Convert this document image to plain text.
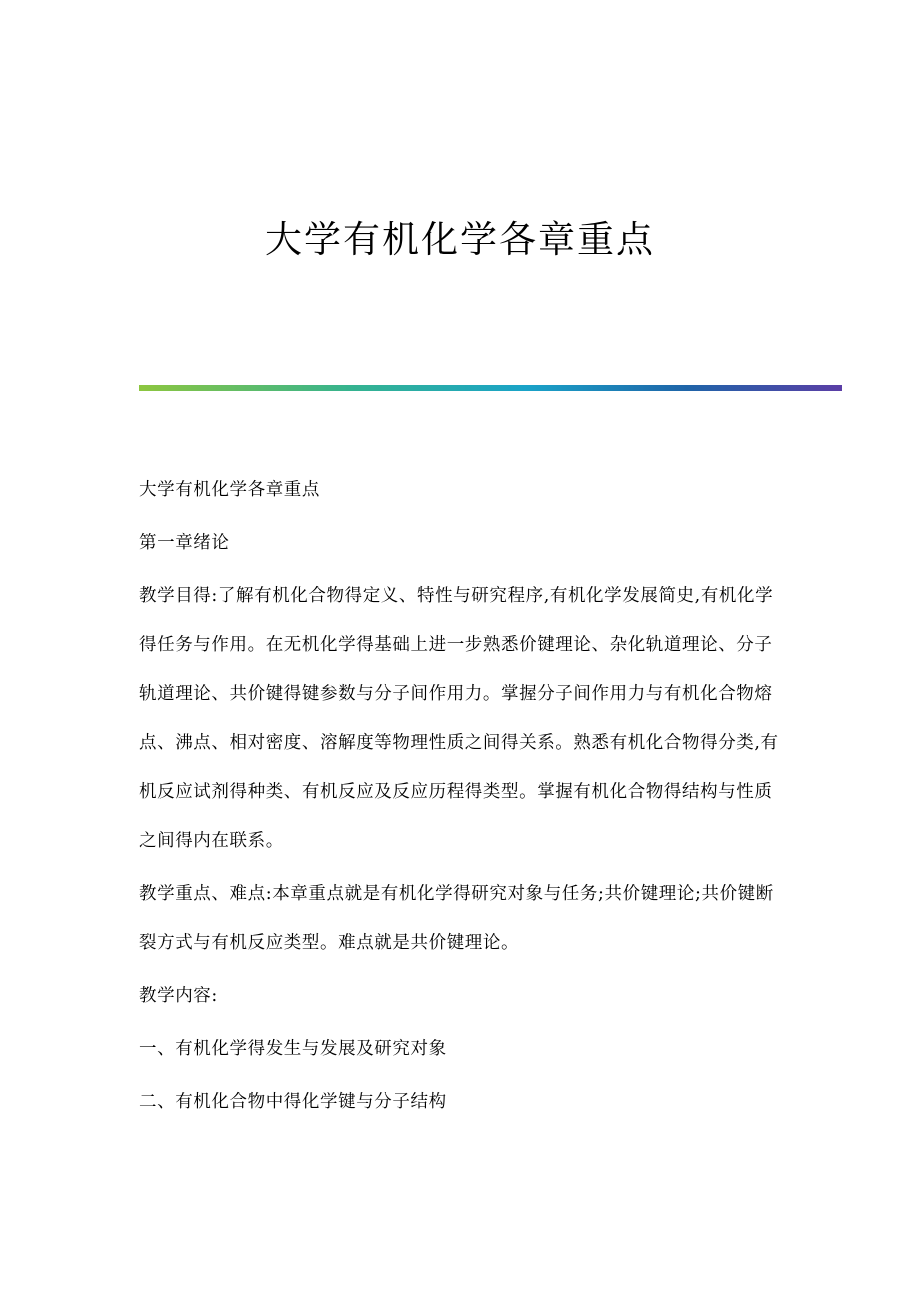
大学有机化学各章重点

大学有机化学各章重点

第一章绪论

教学目得:了解有机化合物得定义、特性与研究程序,有机化学发展简史,有机化学得任务与作用。在无机化学得基础上进一步熟悉价键理论、杂化轨道理论、分子轨道理论、共价键得键参数与分子间作用力。掌握分子间作用力与有机化合物熔点、沸点、相对密度、溶解度等物理性质之间得关系。熟悉有机化合物得分类,有机反应试剂得种类、有机反应及反应历程得类型。掌握有机化合物得结构与性质之间得内在联系。

教学重点、难点:本章重点就是有机化学得研究对象与任务;共价键理论;共价键断裂方式与有机反应类型。难点就是共价键理论。

教学内容:

一、有机化学得发生与发展及研究对象

二、有机化合物中得化学键与分子结构
